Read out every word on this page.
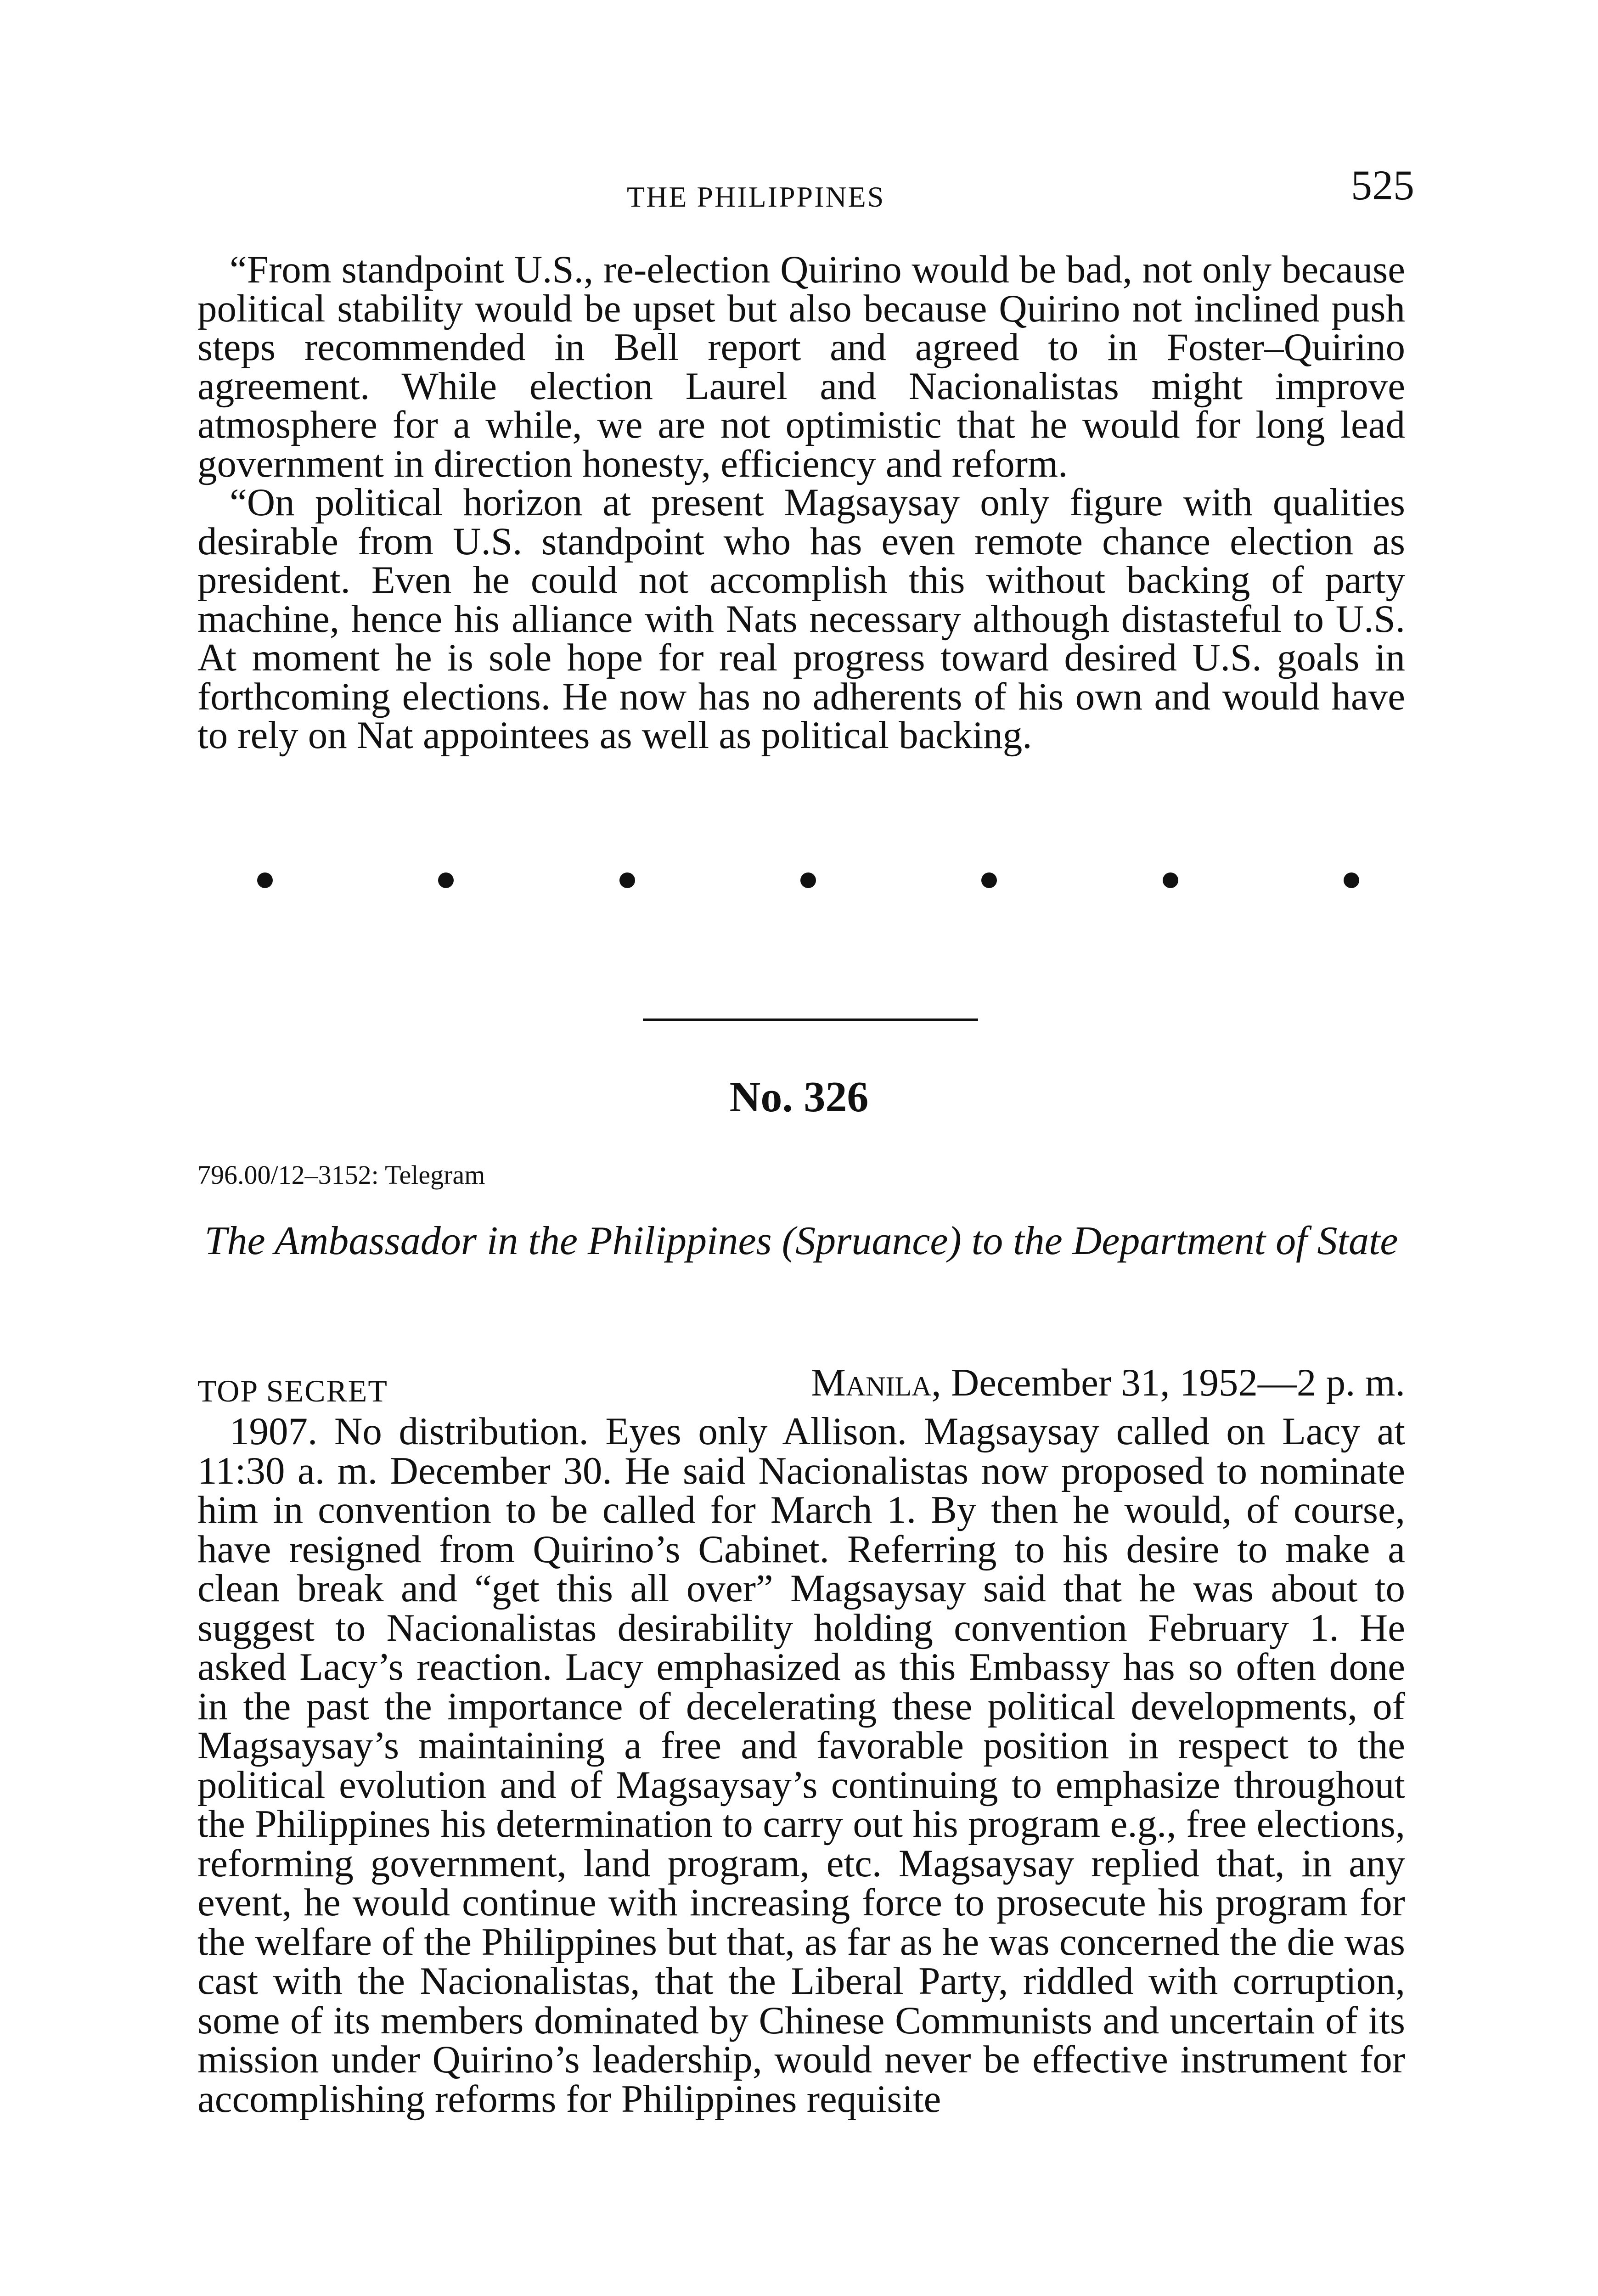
THE PHILIPPINES	525

“From standpoint U.S., re-election Quirino would be bad, not only because political stability would be upset but also because Quirino not inclined push steps recommended in Bell report and agreed to in Foster–Quirino agreement. While election Laurel and Nacionalistas might improve atmosphere for a while, we are not optimistic that he would for long lead government in direction honesty, efficiency and reform.

“On political horizon at present Magsaysay only figure with qualities desirable from U.S. standpoint who has even remote chance election as president. Even he could not accomplish this without backing of party machine, hence his alliance with Nats necessary although distasteful to U.S. At moment he is sole hope for real progress toward desired U.S. goals in forthcoming elections. He now has no adherents of his own and would have to rely on Nat appointees as well as political backing.

No. 326
796.00/12–3152: Telegram
The Ambassador in the Philippines (Spruance) to the Department of State
TOP SECRET	Manila, December 31, 1952—2 p. m.

1907. No distribution. Eyes only Allison. Magsaysay called on Lacy at 11:30 a. m. December 30. He said Nacionalistas now proposed to nominate him in convention to be called for March 1. By then he would, of course, have resigned from Quirino’s Cabinet. Referring to his desire to make a clean break and “get this all over” Magsaysay said that he was about to suggest to Nacionalistas desirability holding convention February 1. He asked Lacy’s reaction. Lacy emphasized as this Embassy has so often done in the past the importance of decelerating these political developments, of Magsaysay’s maintaining a free and favorable position in respect to the political evolution and of Magsaysay’s continuing to emphasize throughout the Philippines his determination to carry out his program e.g., free elections, reforming government, land program, etc. Magsaysay replied that, in any event, he would continue with increasing force to prosecute his program for the welfare of the Philippines but that, as far as he was concerned the die was cast with the Nacionalistas, that the Liberal Party, riddled with corruption, some of its members dominated by Chinese Communists and uncertain of its mission under Quirino’s leadership, would never be effective instrument for accomplishing reforms for Philippines requisite
